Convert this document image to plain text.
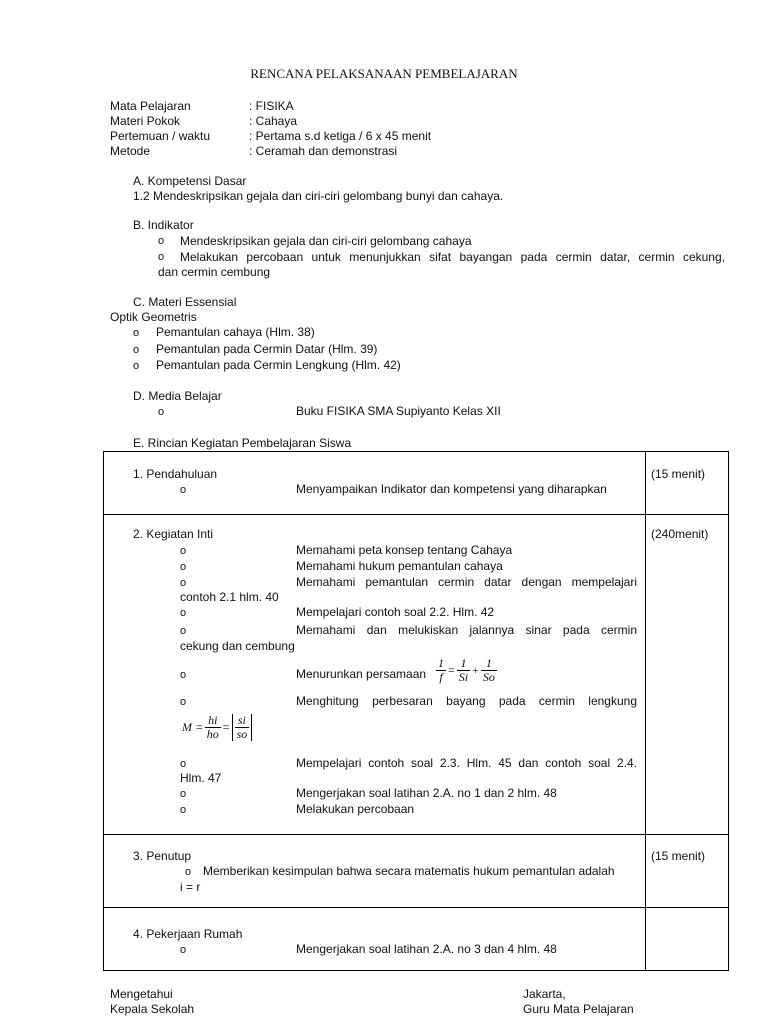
RENCANA PELAKSANAAN PEMBELAJARAN
Mata Pelajaran	: FISIKA
Materi Pokok	: Cahaya
Pertemuan / waktu	: Pertama s.d ketiga / 6 x 45 menit
Metode	: Ceramah dan demonstrasi
A. Kompetensi Dasar
1.2 Mendeskripsikan gejala dan ciri-ciri gelombang bunyi dan cahaya.
B. Indikator
o Mendeskripsikan gejala dan ciri-ciri gelombang cahaya
o Melakukan percobaan untuk menunjukkan sifat bayangan pada cermin datar, cermin cekung,
dan cermin cembung
C. Materi Essensial
Optik Geometris
o Pemantulan cahaya (Hlm. 38)
o Pemantulan pada Cermin Datar (Hlm. 39)
o Pemantulan pada Cermin Lengkung (Hlm. 42)
D. Media Belajar
o	Buku FISIKA SMA Supiyanto Kelas XII
E. Rincian Kegiatan Pembelajaran Siswa
1. Pendahuluan	(15 menit)
o	Menyampaikan Indikator dan kompetensi yang diharapkan
2. Kegiatan Inti	(240menit)
o	Memahami peta konsep tentang Cahaya
o	Memahami hukum pemantulan cahaya
o	Memahami pemantulan cermin datar dengan mempelajari
contoh 2.1 hlm. 40
o	Mempelajari contoh soal 2.2. Hlm. 42
o	Memahami dan melukiskan jalannya sinar pada cermin
cekung dan cembung
o	Menurunkan persamaan $\frac{1}{f} = \frac{1}{Si} + \frac{1}{So}$
o	Menghitung perbesaran bayang pada cermin lengkung
$M = \frac{hi}{ho} = \frac{si}{so}$
o	Mempelajari contoh soal 2.3. Hlm. 45 dan contoh soal 2.4.
Hlm. 47
o	Mengerjakan soal latihan 2.A. no 1 dan 2 hlm. 48
o	Melakukan percobaan
3. Penutup	(15 menit)
o Memberikan kesimpulan bahwa secara matematis hukum pemantulan adalah
i = r
4. Pekerjaan Rumah
o	Mengerjakan soal latihan 2.A. no 3 dan 4 hlm. 48
Mengetahui
Kepala Sekolah
Jakarta,
Guru Mata Pelajaran
